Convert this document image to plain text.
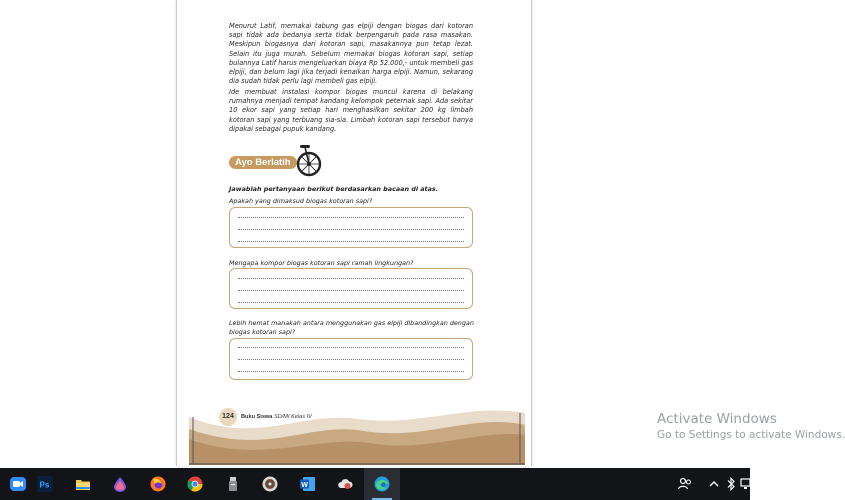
Menurut Latif, memakai tabung gas elpiji dengan biogas dari kotoran sapi tidak ada bedanya serta tidak berpengaruh pada rasa masakan. Meskipun biogasnya dari kotoran sapi, masakannya pun tetap lezat. Selain itu juga murah. Sebelum memakai biogas kotoran sapi, setiap bulannya Latif harus mengeluarkan biaya Rp 52.000,- untuk membeli gas elpiji, dan belum lagi jika terjadi kenaikan harga elpiji. Namun, sekarang dia sudah tidak perlu lagi membeli gas elpiji.

Ide membuat instalasi kompor biogas muncul karena di belakang rumahnya menjadi tempat kandang kelompok peternak sapi. Ada sekitar 10 ekor sapi yang setiap hari menghasilkan sekitar 200 kg limbah kotoran sapi yang terbuang sia-sia. Limbah kotoran sapi tersebut hanya dipakai sebagai pupuk kandang.

Ayo Berlatih

Jawablah pertanyaan berikut berdasarkan bacaan di atas.

Apakah yang dimaksud biogas kotoran sapi?

Mengapa kompor biogas kotoran sapi ramah lingkungan?

Lebih hemat manakah antara menggunakan gas elpiji dibandingkan dengan biogas kotoran sapi?

124	Buku Siswa SD/MI Kelas IV	Activate Windows
Go to Settings to activate Windows.
Ps	W
